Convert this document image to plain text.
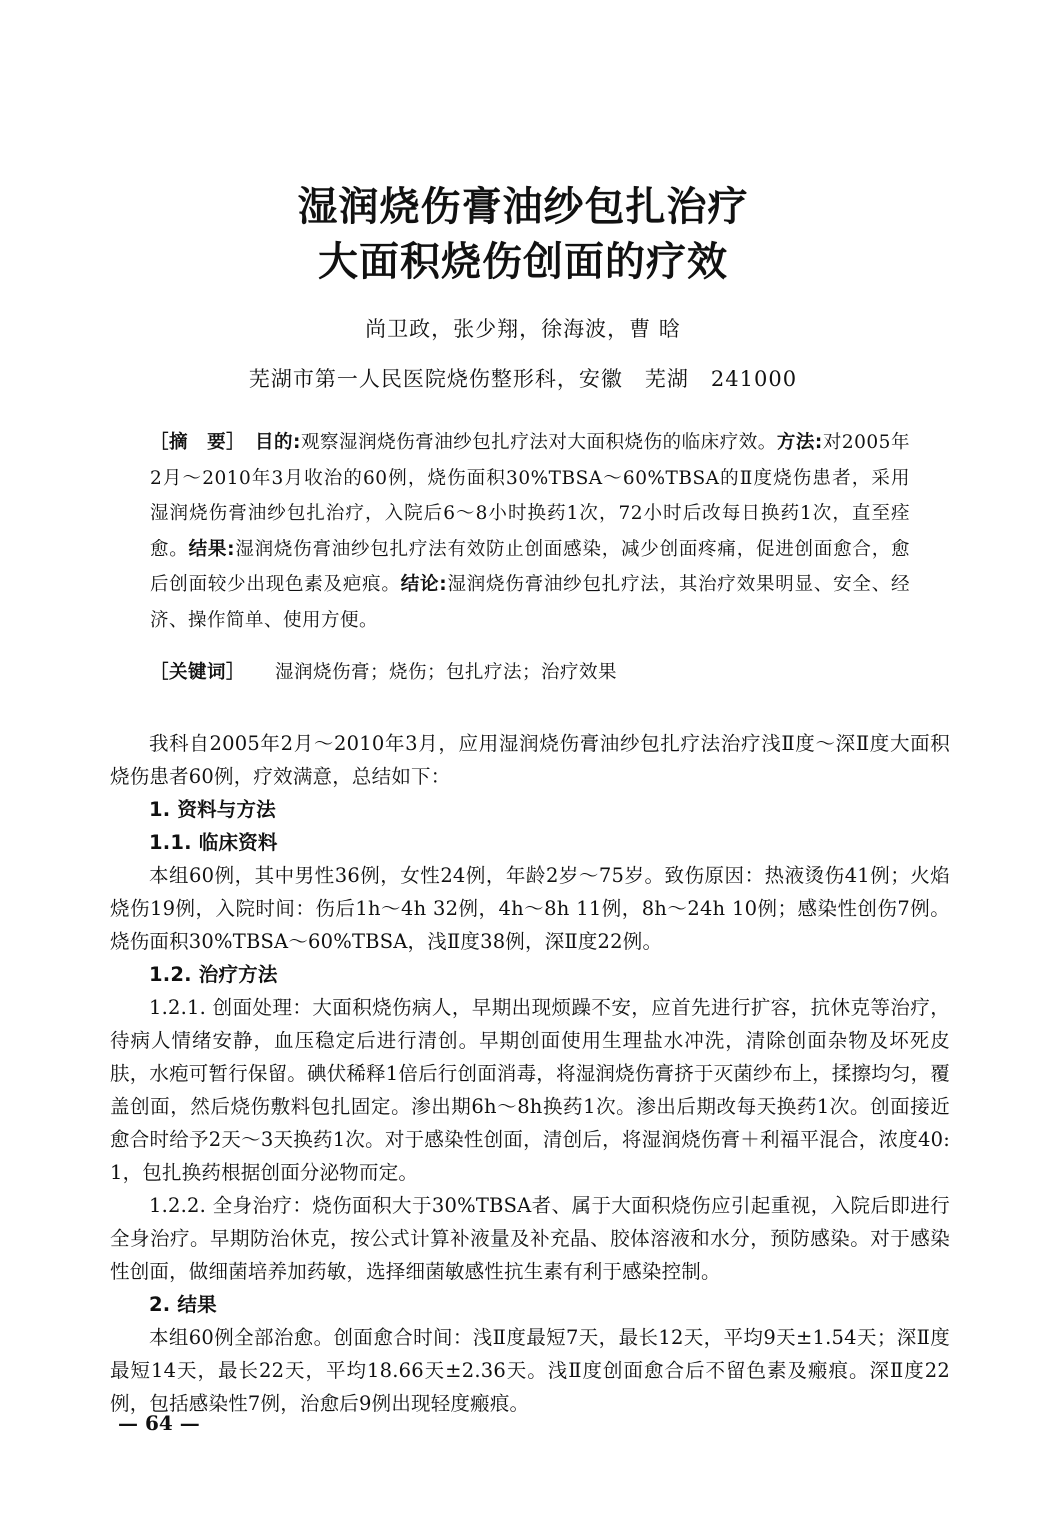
湿润烧伤膏油纱包扎治疗
大面积烧伤创面的疗效
尚卫政，张少翔，徐海波，曹 晗
芜湖市第一人民医院烧伤整形科，安徽　芜湖　241000
［摘　要］　 目的:观察湿润烧伤膏油纱包扎疗法对大面积烧伤的临床疗效。方法:对2005年2月～2010年3月收治的60例，烧伤面积30%TBSA～60%TBSA的Ⅱ度烧伤患者，采用湿润烧伤膏油纱包扎治疗，入院后6～8小时换药1次，72小时后改每日换药1次，直至痊愈。结果:湿润烧伤膏油纱包扎疗法有效防止创面感染，减少创面疼痛，促进创面愈合，愈后创面较少出现色素及疤痕。结论:湿润烧伤膏油纱包扎疗法，其治疗效果明显、安全、经济、操作简单、使用方便。
［关键词］ 湿润烧伤膏；烧伤；包扎疗法；治疗效果

我科自2005年2月～2010年3月，应用湿润烧伤膏油纱包扎疗法治疗浅Ⅱ度～深Ⅱ度大面积烧伤患者60例，疗效满意，总结如下：

1. 资料与方法
1.1. 临床资料

本组60例，其中男性36例，女性24例，年龄2岁～75岁。致伤原因：热液烫伤41例；火焰烧伤19例，入院时间：伤后1h～4h 32例，4h～8h 11例，8h～24h 10例；感染性创伤7例。烧伤面积30%TBSA～60%TBSA，浅Ⅱ度38例，深Ⅱ度22例。

1.2. 治疗方法

1.2.1. 创面处理：大面积烧伤病人，早期出现烦躁不安，应首先进行扩容，抗休克等治疗，待病人情绪安静，血压稳定后进行清创。早期创面使用生理盐水冲洗，清除创面杂物及坏死皮肤，水疱可暂行保留。碘伏稀释1倍后行创面消毒，将湿润烧伤膏挤于灭菌纱布上，揉擦均匀，覆盖创面，然后烧伤敷料包扎固定。渗出期6h～8h换药1次。渗出后期改每天换药1次。创面接近愈合时给予2天～3天换药1次。对于感染性创面，清创后，将湿润烧伤膏＋利福平混合，浓度40: 1，包扎换药根据创面分泌物而定。

1.2.2. 全身治疗：烧伤面积大于30%TBSA者、属于大面积烧伤应引起重视，入院后即进行全身治疗。早期防治休克，按公式计算补液量及补充晶、胶体溶液和水分，预防感染。对于感染性创面，做细菌培养加药敏，选择细菌敏感性抗生素有利于感染控制。

2. 结果

本组60例全部治愈。创面愈合时间：浅Ⅱ度最短7天，最长12天，平均9天±1.54天；深Ⅱ度最短14天，最长22天，平均18.66天±2.36天。浅Ⅱ度创面愈合后不留色素及瘢痕。深Ⅱ度22例，包括感染性7例，治愈后9例出现轻度瘢痕。

— 64 —
